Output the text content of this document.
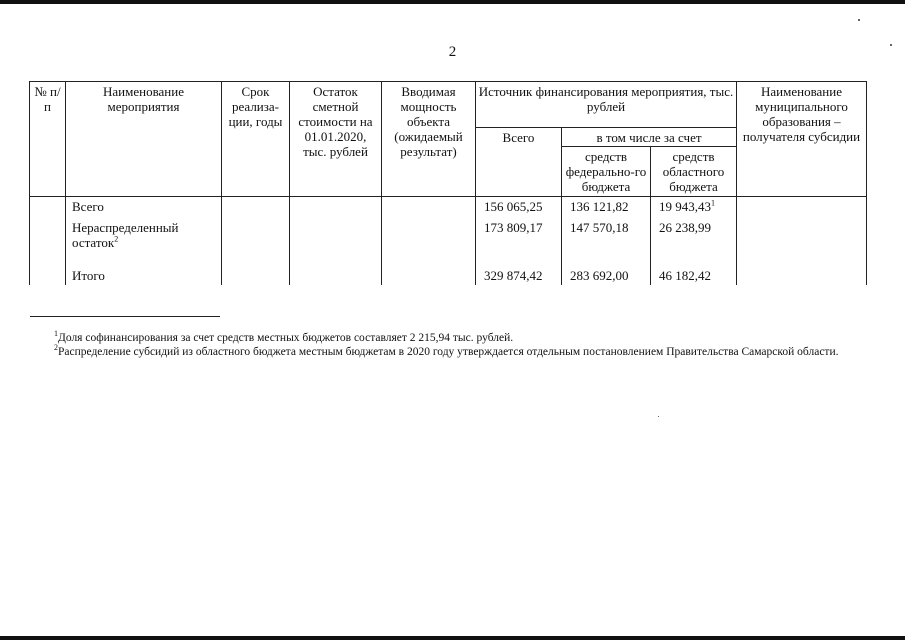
2
№ п/п	Наименование мероприятия	Срок реализа-ции, годы	Остаток сметной стоимости на 01.01.2020, тыс. рублей	Вводимая мощность объекта (ожидаемый результат)	Источник финансирования мероприятия, тыс. рублей			Наименование муниципального образования – получателя субсидии
					Всего	в том числе за счет		
						средств федерально-го бюджета	средств областного бюджета	
	Всего				156 065,25	136 121,82	19 943,43$^1$	
	Нераспределенный остаток$^2$				173 809,17	147 570,18	26 238,99	
	Итого				329 874,42	283 692,00	46 182,42	
$^1$Доля софинансирования за счет средств местных бюджетов составляет 2 215,94 тыс. рублей.
$^2$Распределение субсидий из областного бюджета местным бюджетам в 2020 году утверждается отдельным постановлением Правительства Самарской области.
